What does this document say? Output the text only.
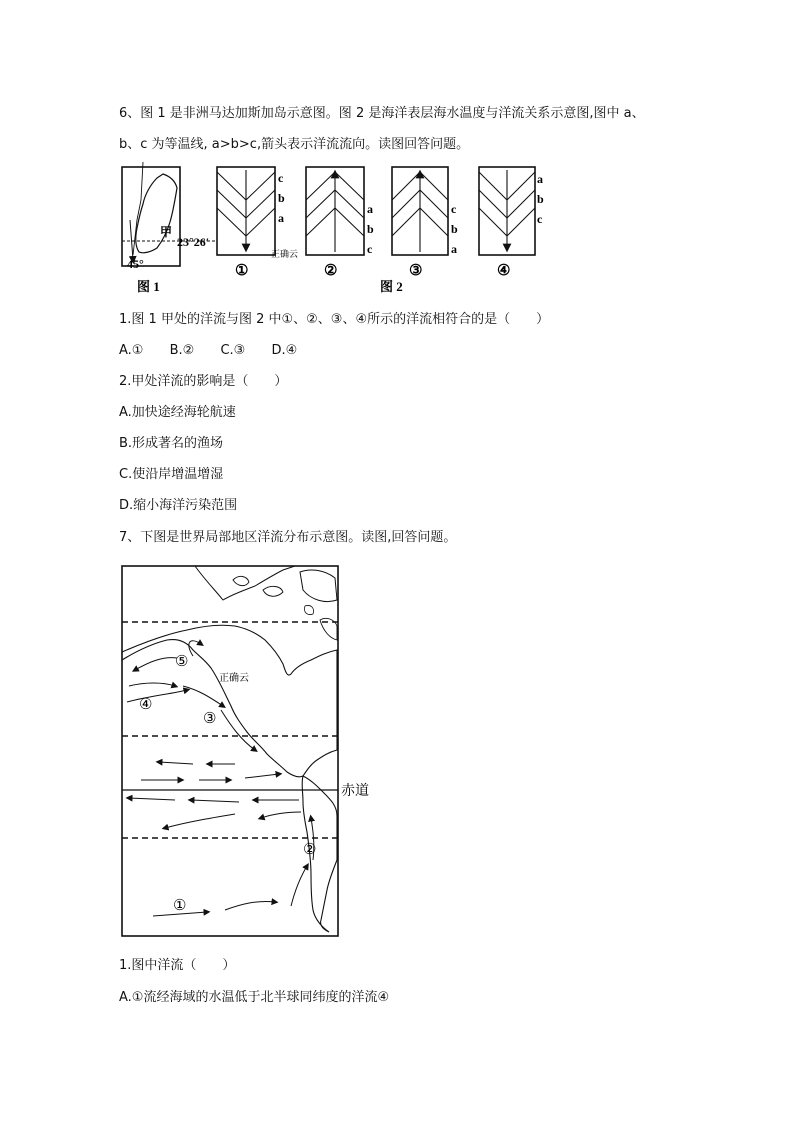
6、图 1 是非洲马达加斯加岛示意图。图 2 是海洋表层海水温度与洋流关系示意图,图中 a、
b、c 为等温线, a>b>c,箭头表示洋流流向。读图回答问题。
甲
23°26′
45°
图 1
c
b
a
①
正确云
a
b
c
②
图 2
c
b
a
③
a
b
c
④
1.图 1 甲处的洋流与图 2 中①、②、③、④所示的洋流相符合的是（　　）
A.① B.② C.③ D.④
2.甲处洋流的影响是（　　）
A.加快途经海轮航速
B.形成著名的渔场
C.使沿岸增温增湿
D.缩小海洋污染范围
7、下图是世界局部地区洋流分布示意图。读图,回答问题。
⑤
④
③
②
①
正确云
赤道
1.图中洋流（　　）
A.①流经海域的水温低于北半球同纬度的洋流④
